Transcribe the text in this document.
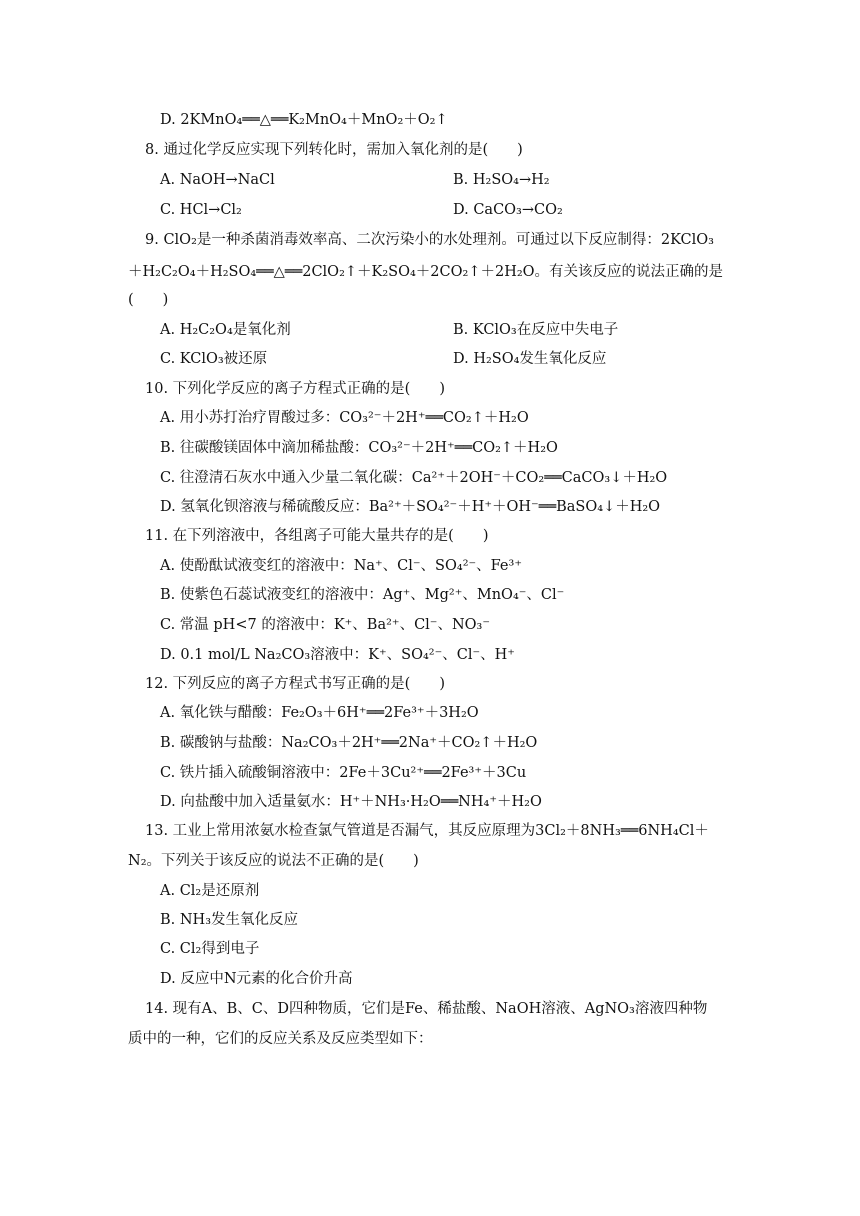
D. 2KMnO₄══△══K₂MnO₄＋MnO₂＋O₂↑
8. 通过化学反应实现下列转化时，需加入氧化剂的是(　　)
A. NaOH→NaCl	B. H₂SO₄→H₂
C. HCl→Cl₂	D. CaCO₃→CO₂
9. ClO₂是一种杀菌消毒效率高、二次污染小的水处理剂。可通过以下反应制得：2KClO₃
＋H₂C₂O₄＋H₂SO₄══△══2ClO₂↑＋K₂SO₄＋2CO₂↑＋2H₂O。有关该反应的说法正确的是
(　　)
A. H₂C₂O₄是氧化剂	B. KClO₃在反应中失电子
C. KClO₃被还原	D. H₂SO₄发生氧化反应
10. 下列化学反应的离子方程式正确的是(　　)
A. 用小苏打治疗胃酸过多：CO₃²⁻＋2H⁺══CO₂↑＋H₂O
B. 往碳酸镁固体中滴加稀盐酸：CO₃²⁻＋2H⁺══CO₂↑＋H₂O
C. 往澄清石灰水中通入少量二氧化碳：Ca²⁺＋2OH⁻＋CO₂══CaCO₃↓＋H₂O
D. 氢氧化钡溶液与稀硫酸反应：Ba²⁺＋SO₄²⁻＋H⁺＋OH⁻══BaSO₄↓＋H₂O
11. 在下列溶液中，各组离子可能大量共存的是(　　)
A. 使酚酞试液变红的溶液中：Na⁺、Cl⁻、SO₄²⁻、Fe³⁺
B. 使紫色石蕊试液变红的溶液中：Ag⁺、Mg²⁺、MnO₄⁻、Cl⁻
C. 常温 pH<7 的溶液中：K⁺、Ba²⁺、Cl⁻、NO₃⁻
D. 0.1 mol/L Na₂CO₃溶液中：K⁺、SO₄²⁻、Cl⁻、H⁺
12. 下列反应的离子方程式书写正确的是(　　)
A. 氧化铁与醋酸：Fe₂O₃＋6H⁺══2Fe³⁺＋3H₂O
B. 碳酸钠与盐酸：Na₂CO₃＋2H⁺══2Na⁺＋CO₂↑＋H₂O
C. 铁片插入硫酸铜溶液中：2Fe＋3Cu²⁺══2Fe³⁺＋3Cu
D. 向盐酸中加入适量氨水：H⁺＋NH₃·H₂O══NH₄⁺＋H₂O
13. 工业上常用浓氨水检查氯气管道是否漏气，其反应原理为3Cl₂＋8NH₃══6NH₄Cl＋
N₂。下列关于该反应的说法不正确的是(　　)
A. Cl₂是还原剂
B. NH₃发生氧化反应
C. Cl₂得到电子
D. 反应中N元素的化合价升高
14. 现有A、B、C、D四种物质，它们是Fe、稀盐酸、NaOH溶液、AgNO₃溶液四种物
质中的一种，它们的反应关系及反应类型如下：
